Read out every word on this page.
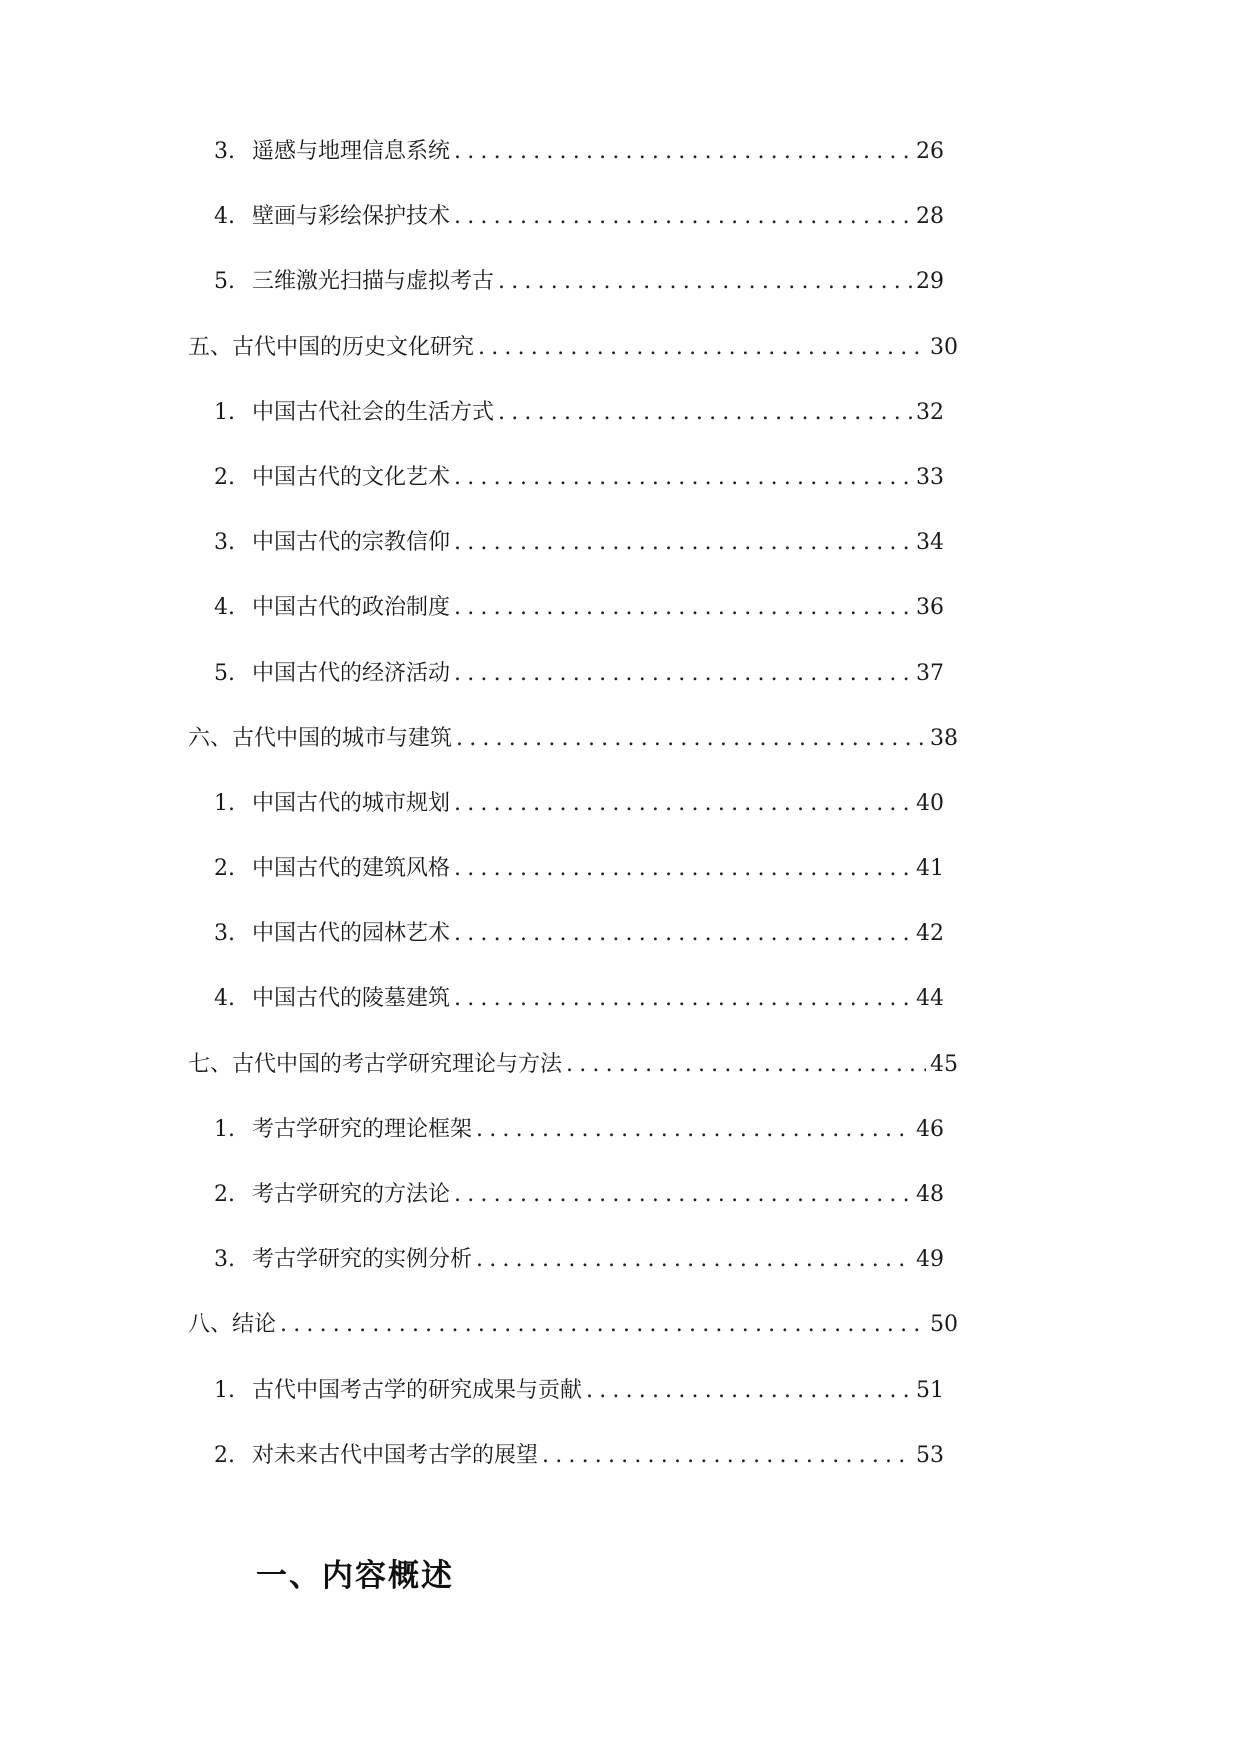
3. 遥感与地理信息系统 .....	26
4. 壁画与彩绘保护技术 .....	28
5. 三维激光扫描与虚拟考古 .....	29
五、古代中国的历史文化研究 .....	30
1. 中国古代社会的生活方式 .....	32
2. 中国古代的文化艺术 .....	33
3. 中国古代的宗教信仰 .....	34
4. 中国古代的政治制度 .....	36
5. 中国古代的经济活动 .....	37
六、古代中国的城市与建筑 .....	38
1. 中国古代的城市规划 .....	40
2. 中国古代的建筑风格 .....	41
3. 中国古代的园林艺术 .....	42
4. 中国古代的陵墓建筑 .....	44
七、古代中国的考古学研究理论与方法 .....	45
1. 考古学研究的理论框架 .....	46
2. 考古学研究的方法论 .....	48
3. 考古学研究的实例分析 .....	49
八、结论 .....	50
1. 古代中国考古学的研究成果与贡献 .....	51
2. 对未来古代中国考古学的展望 .....	53
一、内容概述
